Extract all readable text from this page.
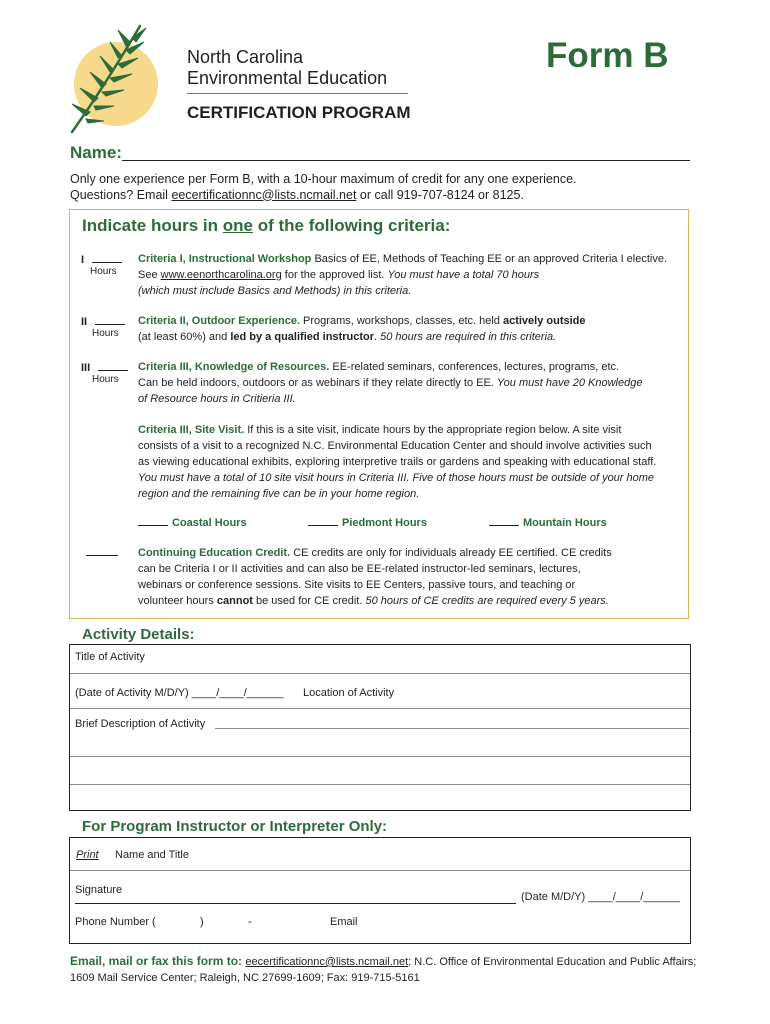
North Carolina
Environmental Education
CERTIFICATION PROGRAM
Form B
Name:
Only one experience per Form B, with a 10-hour maximum of credit for any one experience.
Questions? Email eecertificationnc@lists.ncmail.net or call 919-707-8124 or 8125.
Indicate hours in one of the following criteria:
I
Hours
Criteria I, Instructional Workshop Basics of EE, Methods of Teaching EE or an approved Criteria I elective.
See www.eenorthcarolina.org for the approved list. You must have a total 70 hours
(which must include Basics and Methods) in this criteria.
II
Hours
Criteria II, Outdoor Experience. Programs, workshops, classes, etc. held actively outside
(at least 60%) and led by a qualified instructor. 50 hours are required in this criteria.
III
Hours
Criteria III, Knowledge of Resources. EE-related seminars, conferences, lectures, programs, etc.
Can be held indoors, outdoors or as webinars if they relate directly to EE. You must have 20 Knowledge
of Resource hours in Critieria III.
Criteria III, Site Visit. If this is a site visit, indicate hours by the appropriate region below. A site visit
consists of a visit to a recognized N.C. Environmental Education Center and should involve activities such
as viewing educational exhibits, exploring interpretive trails or gardens and speaking with educational staff.
You must have a total of 10 site visit hours in Criteria III. Five of those hours must be outside of your home
region and the remaining five can be in your home region.
Coastal Hours	Piedmont Hours	Mountain Hours
Continuing Education Credit. CE credits are only for individuals already EE certified. CE credits
can be Criteria I or II activities and can also be EE-related instructor-led seminars, lectures,
webinars or conference sessions. Site visits to EE Centers, passive tours, and teaching or
volunteer hours cannot be used for CE credit. 50 hours of CE credits are required every 5 years.
Activity Details:
Title of Activity
(Date of Activity M/D/Y) ____/____/______ Location of Activity
Brief Description of Activity
For Program Instructor or Interpreter Only:
Print Name and Title
Signature
(Date M/D/Y) ____/____/______
Phone Number (	)	-	Email
Email, mail or fax this form to: eecertificationnc@lists.ncmail.net; N.C. Office of Environmental Education and Public Affairs;
1609 Mail Service Center; Raleigh, NC 27699-1609; Fax: 919-715-5161
